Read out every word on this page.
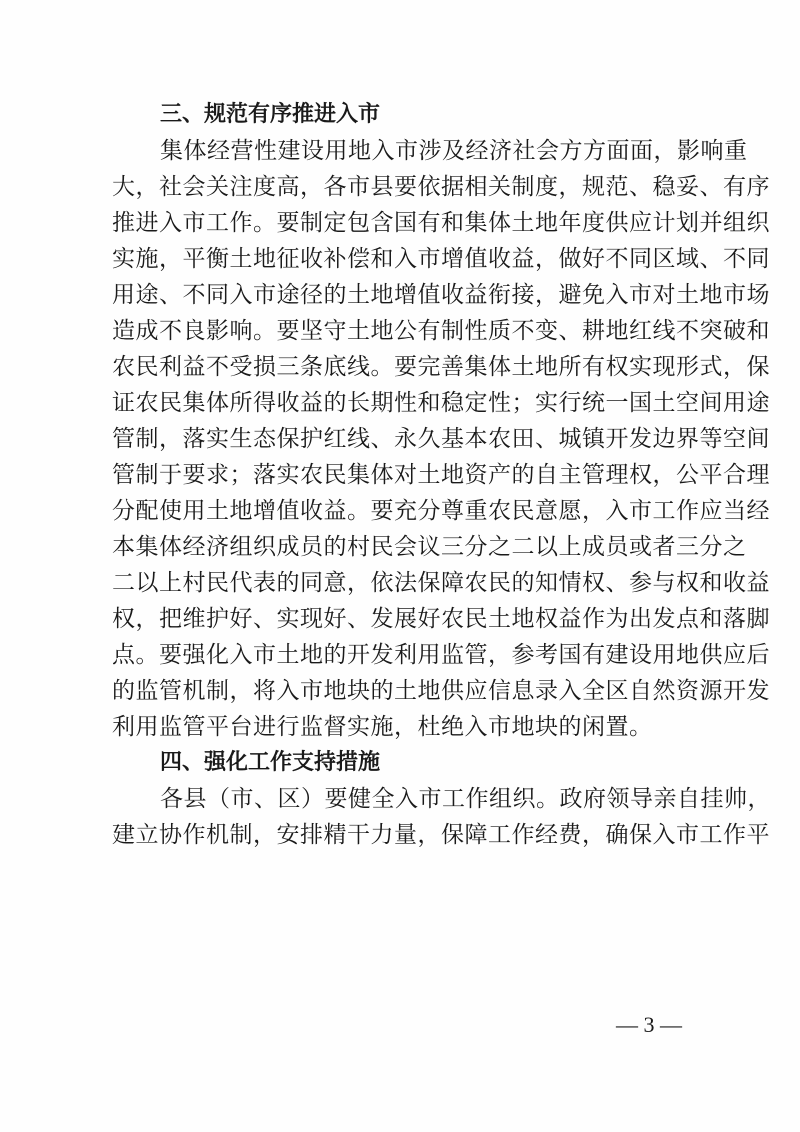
三、规范有序推进入市

集体经营性建设用地入市涉及经济社会方方面面，影响重

大，社会关注度高，各市县要依据相关制度，规范、稳妥、有序

推进入市工作。要制定包含国有和集体土地年度供应计划并组织

实施，平衡土地征收补偿和入市增值收益，做好不同区域、不同

用途、不同入市途径的土地增值收益衔接，避免入市对土地市场

造成不良影响。要坚守土地公有制性质不变、耕地红线不突破和

农民利益不受损三条底线。要完善集体土地所有权实现形式，保

证农民集体所得收益的长期性和稳定性；实行统一国土空间用途

管制，落实生态保护红线、永久基本农田、城镇开发边界等空间

管制于要求；落实农民集体对土地资产的自主管理权，公平合理

分配使用土地增值收益。要充分尊重农民意愿，入市工作应当经

本集体经济组织成员的村民会议三分之二以上成员或者三分之

二以上村民代表的同意，依法保障农民的知情权、参与权和收益

权，把维护好、实现好、发展好农民土地权益作为出发点和落脚

点。要强化入市土地的开发利用监管，参考国有建设用地供应后

的监管机制，将入市地块的土地供应信息录入全区自然资源开发

利用监管平台进行监督实施，杜绝入市地块的闲置。

四、强化工作支持措施

各县（市、区）要健全入市工作组织。政府领导亲自挂帅，

建立协作机制，安排精干力量，保障工作经费，确保入市工作平

— 3 —
